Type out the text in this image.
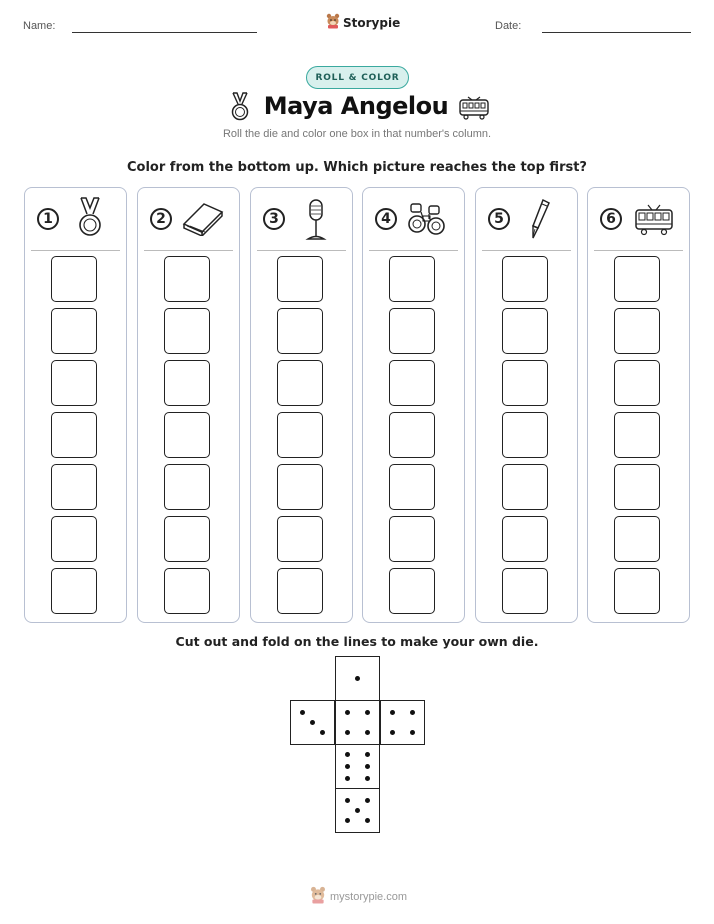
Name:	Storypie	Date:
ROLL & COLOR
Maya Angelou
Roll the die and color one box in that number's column.
Color from the bottom up. Which picture reaches the top first?
1	2	3	4	5	6
Cut out and fold on the lines to make your own die.
mystorypie.com
